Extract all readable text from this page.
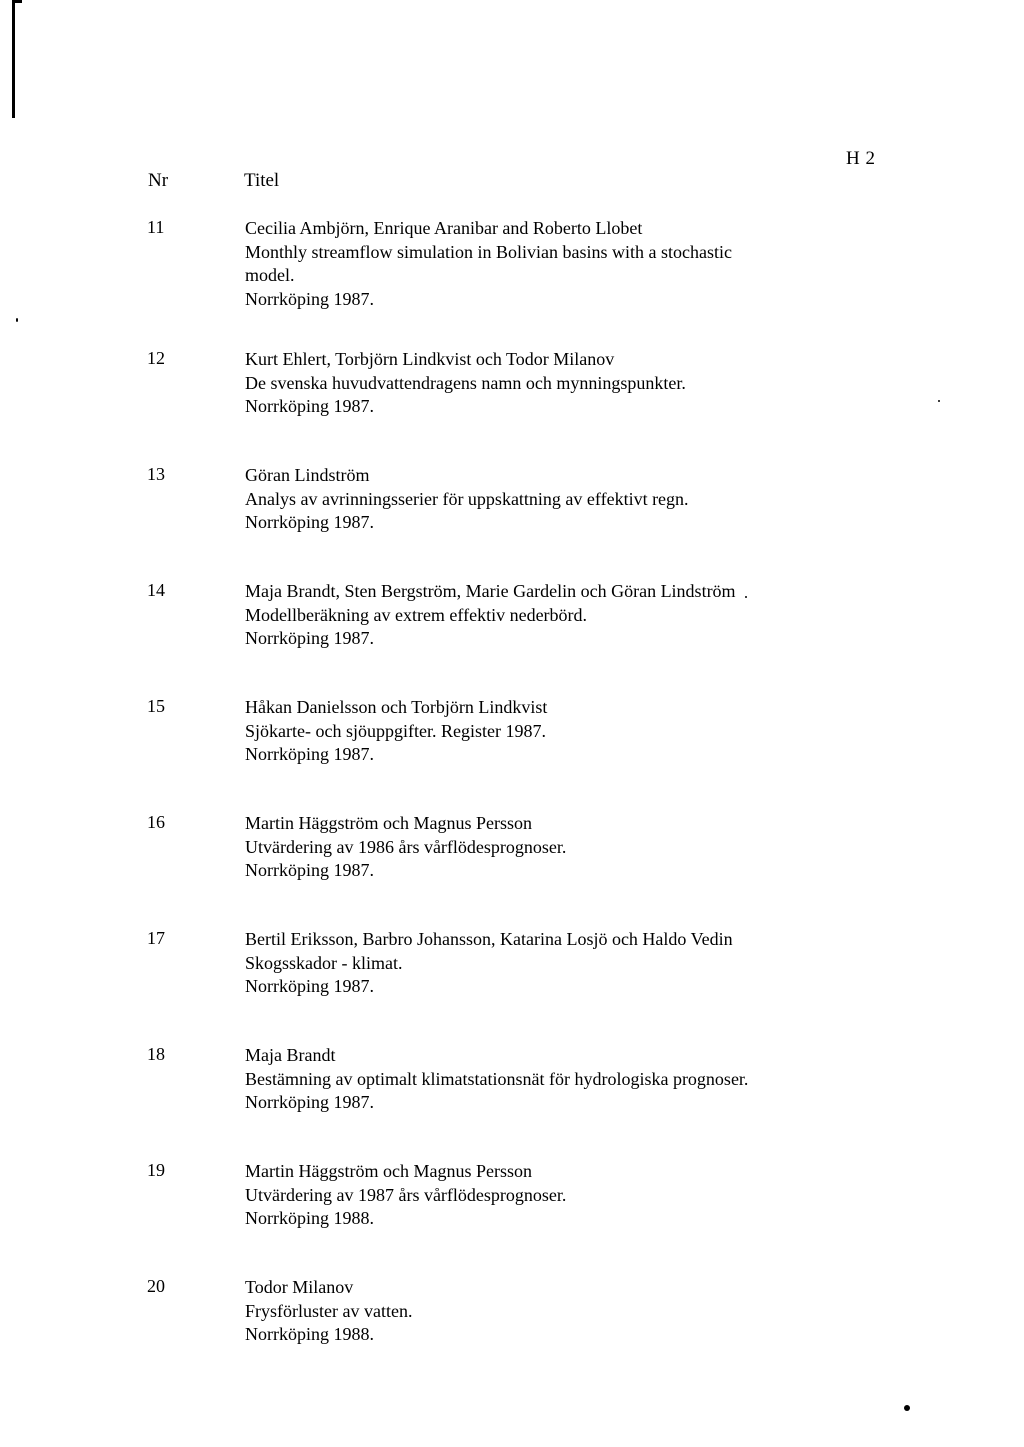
H 2
Nr	Titel
11	Cecilia Ambjörn, Enrique Aranibar and Roberto Llobet
Monthly streamflow simulation in Bolivian basins with a stochastic
model.
Norrköping 1987.
12	Kurt Ehlert, Torbjörn Lindkvist och Todor Milanov
De svenska huvudvattendragens namn och mynningspunkter.
Norrköping 1987.
13	Göran Lindström
Analys av avrinningsserier för uppskattning av effektivt regn.
Norrköping 1987.
14	Maja Brandt, Sten Bergström, Marie Gardelin och Göran Lindström
Modellberäkning av extrem effektiv nederbörd.
Norrköping 1987.
15	Håkan Danielsson och Torbjörn Lindkvist
Sjökarte- och sjöuppgifter. Register 1987.
Norrköping 1987.
16	Martin Häggström och Magnus Persson
Utvärdering av 1986 års vårflödesprognoser.
Norrköping 1987.
17	Bertil Eriksson, Barbro Johansson, Katarina Losjö och Haldo Vedin
Skogsskador - klimat.
Norrköping 1987.
18	Maja Brandt
Bestämning av optimalt klimatstationsnät för hydrologiska prognoser.
Norrköping 1987.
19	Martin Häggström och Magnus Persson
Utvärdering av 1987 års vårflödesprognoser.
Norrköping 1988.
20	Todor Milanov
Frysförluster av vatten.
Norrköping 1988.
